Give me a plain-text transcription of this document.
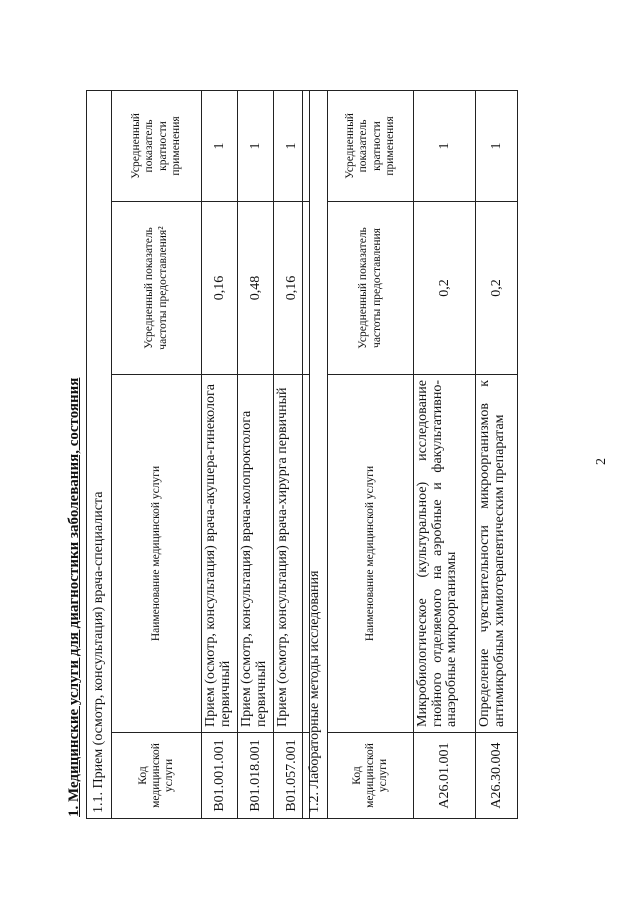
2
1. Медицинские услуги для диагностики заболевания, состояния 1.1. Прием (осмотр, консультация) врача-специалиста			
Код медицинской услуги	Наименование медицинской услуги	Усредненный показатель частоты предоставления²	Усредненный показатель кратности применения
B01.001.001	Прием (осмотр, консультация) врача-акушера-гинеколога первичный	0,16	1
B01.018.001	Прием (осмотр, консультация) врача-колопроктолога первичный	0,48	1
B01.057.001	Прием (осмотр, консультация) врача-хирурга первичный	0,16	1
1.2. Лабораторные методы исследования			
Код медицинской услуги	Наименование медицинской услуги	Усредненный показатель частоты предоставления	Усредненный показатель кратности применения
A26.01.001	Микробиологическое (культуральное) исследование гнойного отделяемого на аэробные и факультативно-анаэробные микроорганизмы	0,2	1
A26.30.004	Определение чувствительности микроорганизмов к антимикробным химиотерапевтическим препаратам	0,2	1
